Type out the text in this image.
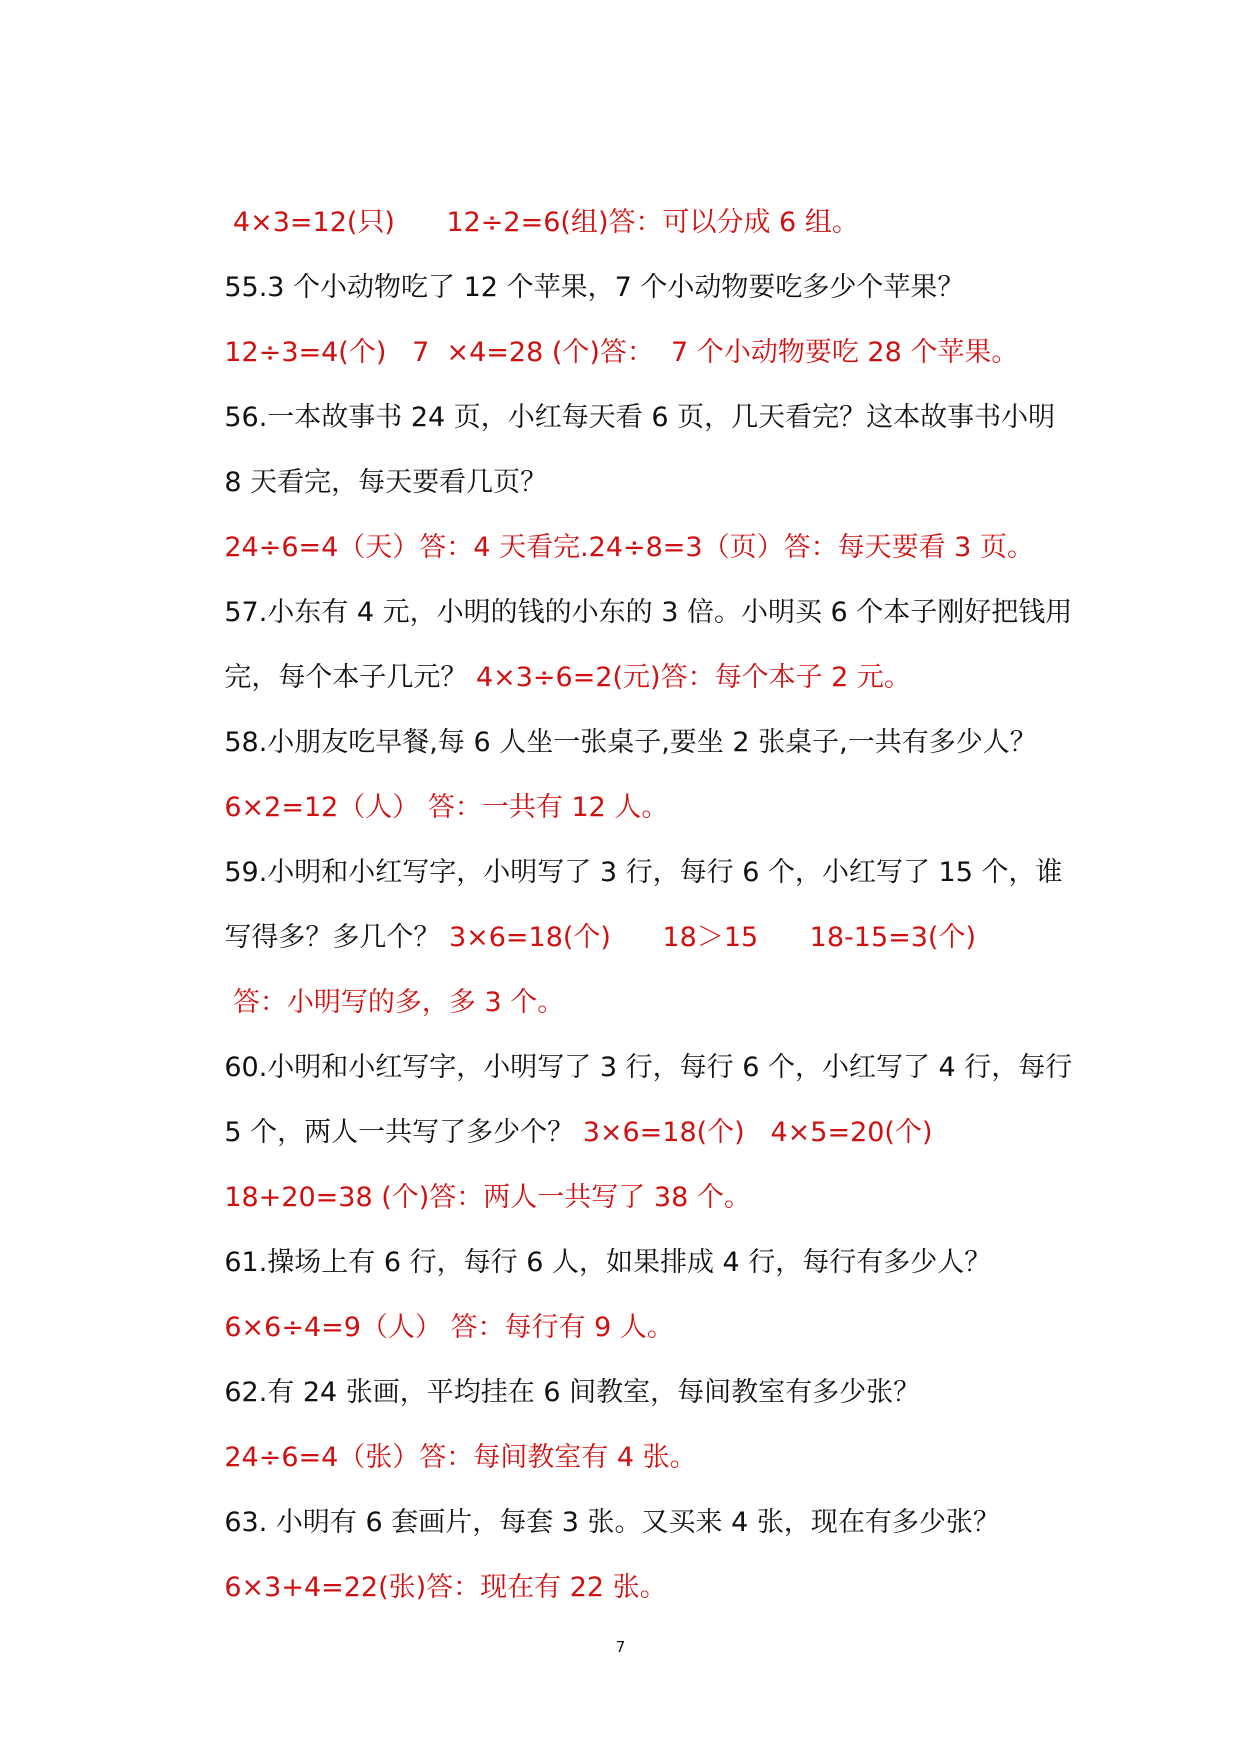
4×3=12(只)      12÷2=6(组)答：可以分成 6 组。

55.3 个小动物吃了 12 个苹果，7 个小动物要吃多少个苹果？

12÷3=4(个)   7  ×4=28 (个)答：  7 个小动物要吃 28 个苹果。

56.一本故事书 24 页，小红每天看 6 页，几天看完？这本故事书小明

8 天看完，每天要看几页？

24÷6=4（天）答：4 天看完.24÷8=3（页）答：每天要看 3 页。

57.小东有 4 元，小明的钱的小东的 3 倍。小明买 6 个本子刚好把钱用

完，每个本子几元？ 4×3÷6=2(元)答：每个本子 2 元。

58.小朋友吃早餐,每 6 人坐一张桌子,要坐 2 张桌子,一共有多少人？

6×2=12（人） 答：一共有 12 人。

59.小明和小红写字，小明写了 3 行，每行 6 个，小红写了 15 个，谁

写得多？多几个？ 3×6=18(个)      18＞15      18-15=3(个)

答：小明写的多，多 3 个。

60.小明和小红写字，小明写了 3 行，每行 6 个，小红写了 4 行，每行

5 个，两人一共写了多少个？ 3×6=18(个)   4×5=20(个)

18+20=38 (个)答：两人一共写了 38 个。

61.操场上有 6 行，每行 6 人，如果排成 4 行，每行有多少人？

6×6÷4=9（人） 答：每行有 9 人。

62.有 24 张画，平均挂在 6 间教室，每间教室有多少张？

24÷6=4（张）答：每间教室有 4 张。

63. 小明有 6 套画片，每套 3 张。又买来 4 张，现在有多少张？

6×3+4=22(张)答：现在有 22 张。

7
